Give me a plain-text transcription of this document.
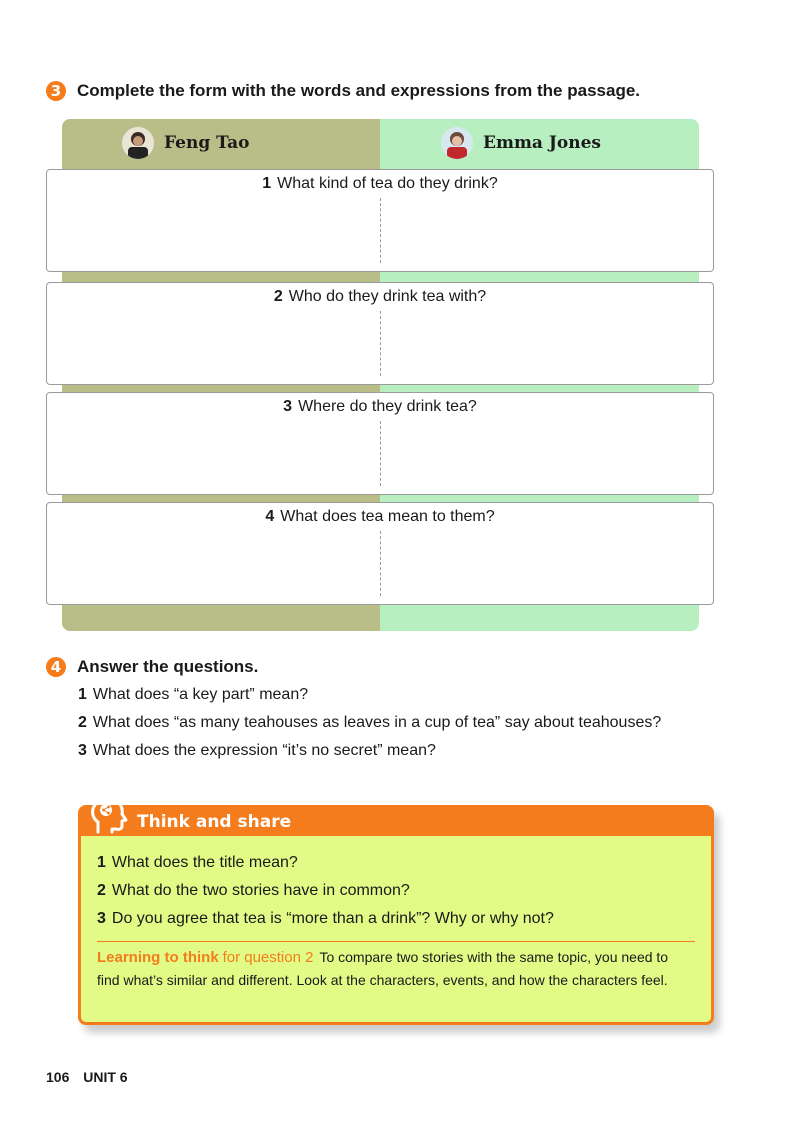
3 Complete the form with the words and expressions from the passage.
Feng Tao	Emma Jones
1 What kind of tea do they drink?
2 Who do they drink tea with?
3 Where do they drink tea?
4 What does tea mean to them?
4 Answer the questions.
1 What does “a key part” mean?
2 What does “as many teahouses as leaves in a cup of tea” say about teahouses?
3 What does the expression “it’s no secret” mean?
Think and share
1 What does the title mean?
2 What do the two stories have in common?
3 Do you agree that tea is “more than a drink”? Why or why not?
Learning to think for question 2 To compare two stories with the same topic, you need to find what’s similar and different. Look at the characters, events, and how the characters feel.
106 UNIT 6
